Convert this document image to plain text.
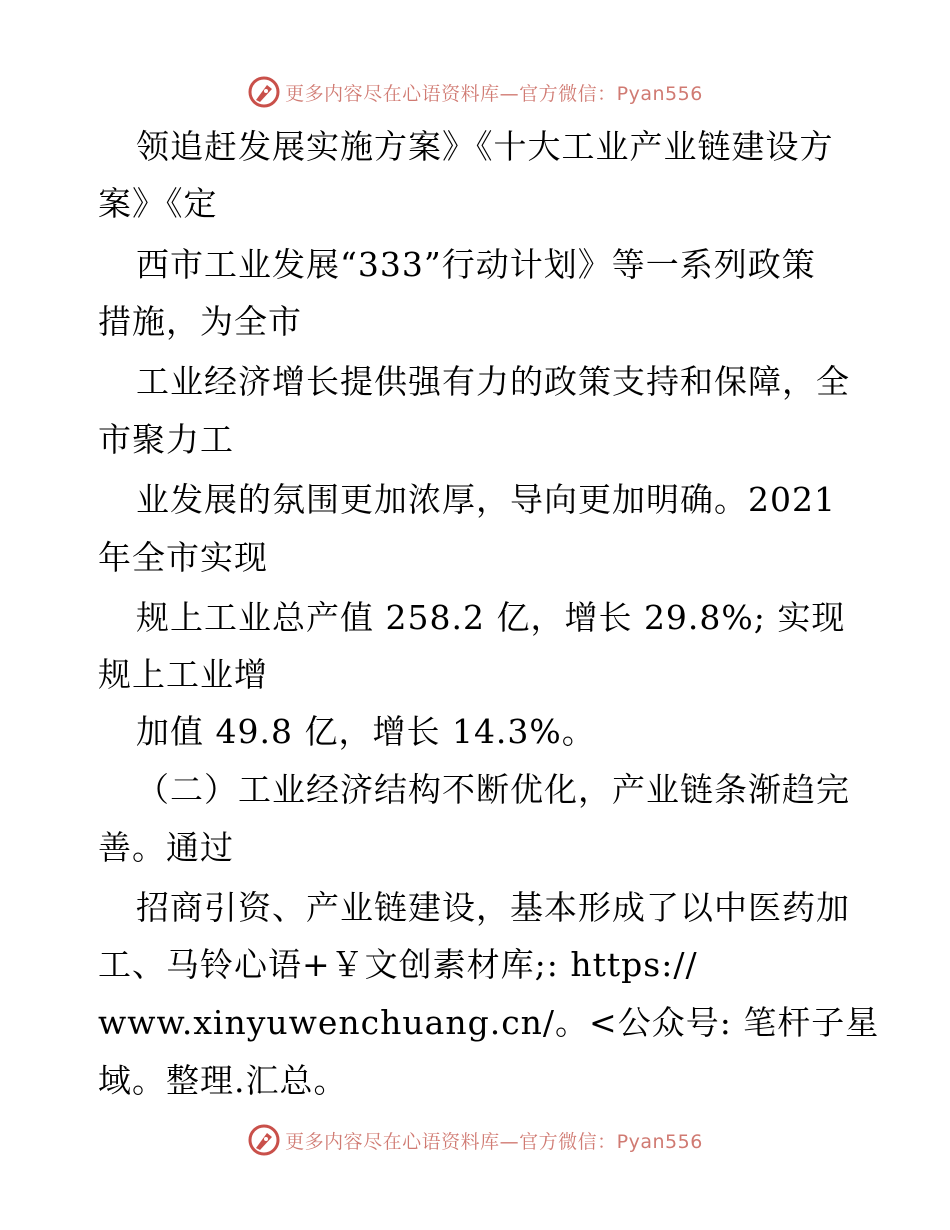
更多内容尽在心语资料库—官方微信：Pyan556
领追赶发展实施方案》《十大工业产业链建设方
案》《定
西市工业发展“333”行动计划》等一系列政策
措施，为全市
工业经济增长提供强有力的政策支持和保障，全
市聚力工
业发展的氛围更加浓厚，导向更加明确。2021
年全市实现
规上工业总产值 258.2 亿，增长 29.8%; 实现
规上工业增
加值 49.8 亿，增长 14.3%。
（二）工业经济结构不断优化，产业链条渐趋完
善。通过
招商引资、产业链建设，基本形成了以中医药加
工、马铃心语+￥文创素材库;: https://
www.xinyuwenchuang.cn/。<公众号: 笔杆子星
域。整理.汇总。
更多内容尽在心语资料库—官方微信：Pyan556
